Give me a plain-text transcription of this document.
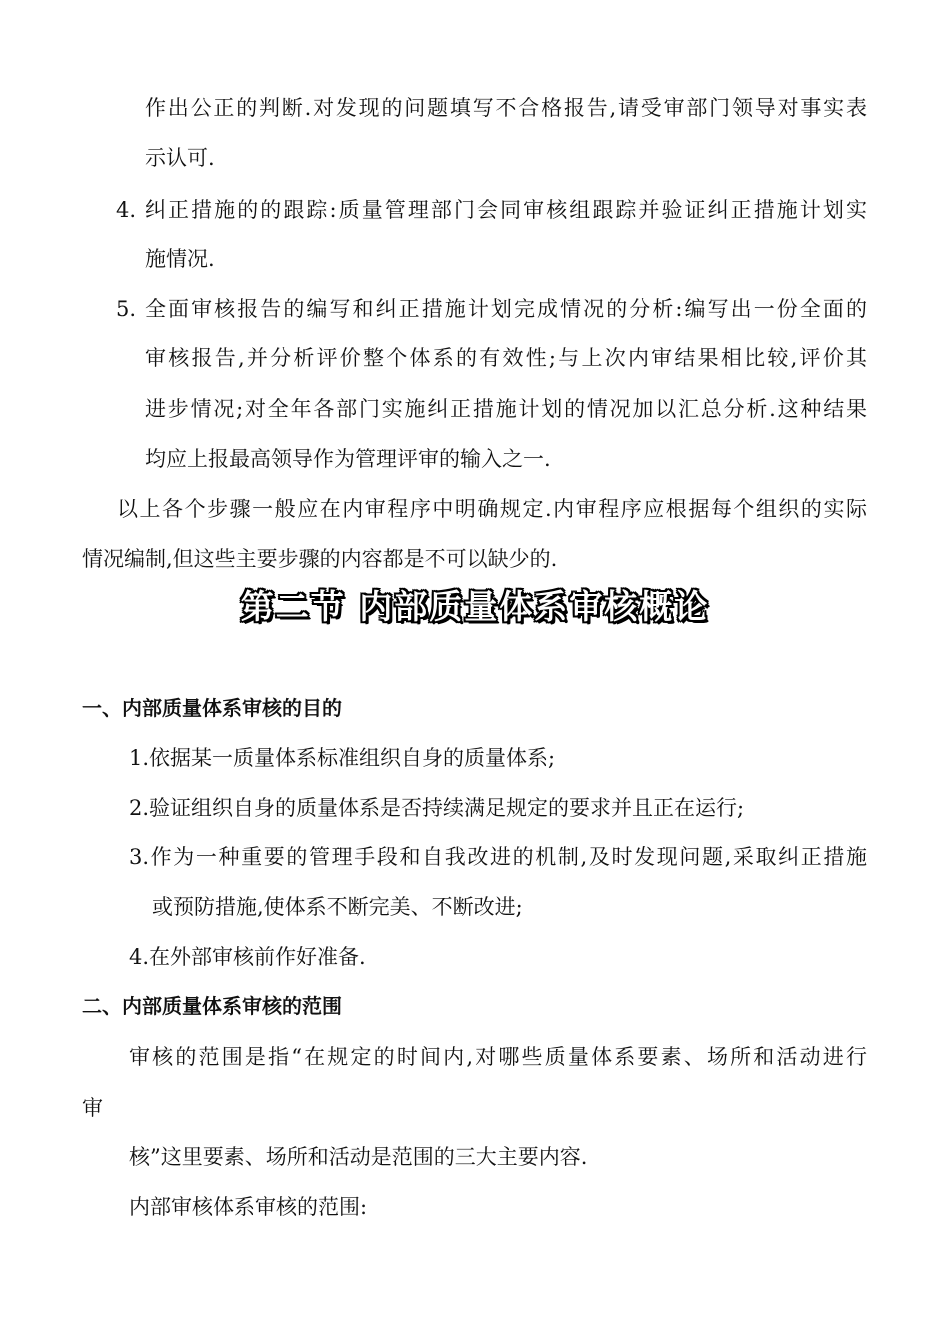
作出公正的判断.对发现的问题填写不合格报告,请受审部门领导对事实表
示认可.
4. 纠正措施的的跟踪:质量管理部门会同审核组跟踪并验证纠正措施计划实
施情况.
5. 全面审核报告的编写和纠正措施计划完成情况的分析:编写出一份全面的
审核报告,并分析评价整个体系的有效性;与上次内审结果相比较,评价其
进步情况;对全年各部门实施纠正措施计划的情况加以汇总分析.这种结果
均应上报最高领导作为管理评审的输入之一.
以上各个步骤一般应在内审程序中明确规定.内审程序应根据每个组织的实际
情况编制,但这些主要步骤的内容都是不可以缺少的.
第二节 内部质量体系审核概论
一、内部质量体系审核的目的
1.依据某一质量体系标准组织自身的质量体系;
2.验证组织自身的质量体系是否持续满足规定的要求并且正在运行;
3.作为一种重要的管理手段和自我改进的机制,及时发现问题,采取纠正措施
或预防措施,使体系不断完美、不断改进;
4.在外部审核前作好准备.
二、内部质量体系审核的范围
审核的范围是指“在规定的时间内,对哪些质量体系要素、场所和活动进行
审
核”这里要素、场所和活动是范围的三大主要内容.
内部审核体系审核的范围:
